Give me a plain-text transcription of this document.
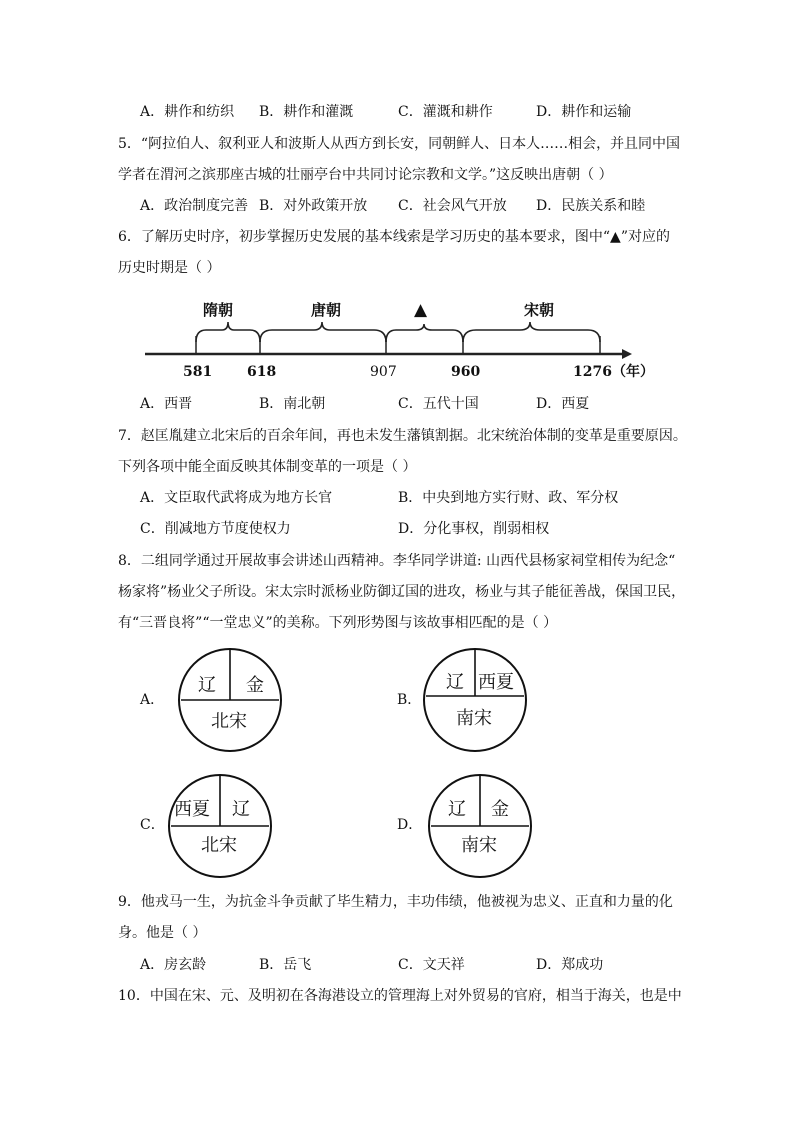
A．耕作和纺织 B．耕作和灌溉	C．灌溉和耕作	D．耕作和运输
5．“阿拉伯人、叙利亚人和波斯人从西方到长安，同朝鲜人、日本人……相会，并且同中国
学者在渭河之滨那座古城的壮丽亭台中共同讨论宗教和文学。”这反映出唐朝（ ）
A．政治制度完善 B．对外政策开放 C．社会风气开放 D．民族关系和睦
6．了解历史时序，初步掌握历史发展的基本线索是学习历史的基本要求，图中“▲”对应的
历史时期是（ ）
隋朝	唐朝	▲	宋朝
581 618	907	960	1276（年）
A．西晋	B．南北朝	C．五代十国	D．西夏
7．赵匡胤建立北宋后的百余年间，再也未发生藩镇割据。北宋统治体制的变革是重要原因。
下列各项中能全面反映其体制变革的一项是（ ）
A．文臣取代武将成为地方长官	B．中央到地方实行财、政、军分权
C．削减地方节度使权力	D．分化事权，削弱相权
8．二组同学通过开展故事会讲述山西精神。李华同学讲道: 山西代县杨家祠堂相传为纪念“
杨家将”杨业父子所设。宋太宗时派杨业防御辽国的进攻，杨业与其子能征善战，保国卫民，
有“三晋良将”“一堂忠义”的美称。下列形势图与该故事相匹配的是（ ）
A．
辽 金
北宋
B．
辽 西夏
南宋
C．
西夏 辽
北宋
D．
辽 金
南宋
9．他戎马一生，为抗金斗争贡献了毕生精力，丰功伟绩，他被视为忠义、正直和力量的化
身。他是（ ）
A．房玄龄	B．岳飞	C．文天祥	D．郑成功
10．中国在宋、元、及明初在各海港设立的管理海上对外贸易的官府，相当于海关，也是中
